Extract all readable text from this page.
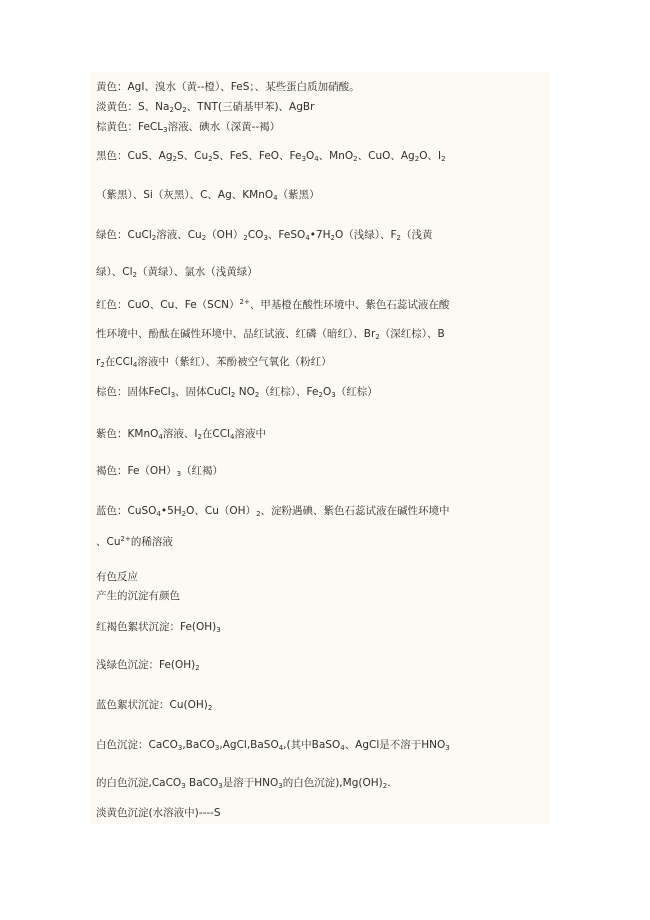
黄色：AgI、溴水（黄--橙）、FeS；、某些蛋白质加硝酸。
淡黄色：S、$Na_2O_2$、TNT(三硝基甲苯)、AgBr
棕黄色：FeCL$_3$溶液、碘水（深黄--褐）
黑色：CuS、$Ag_2S$、$Cu_2S$、FeS、FeO、$Fe_3O_4$、MnO$_2$、CuO、$Ag_2O$、$I_2$
（紫黑）、Si（灰黑）、C、Ag、KMnO$_4$（紫黑）
绿色：CuCl$_2$溶液、$Cu_2(OH)_2CO_3$、$FeSO_4•7H_2O$（浅绿）、$F_2$（浅黄
绿）、$Cl_2$（黄绿）、氯水（浅黄绿）
红色：CuO、Cu、Fe（SCN）$^{2+}$、甲基橙在酸性环境中、紫色石蕊试液在酸
性环境中、酚酞在碱性环境中、品红试液、红磷（暗红）、$Br_2$（深红棕）、B
$r_2$在CCl$_4$溶液中（紫红）、苯酚被空气氧化（粉红）
棕色：固体FeCl$_3$、固体CuCl$_2$ $NO_2$（红棕）、$Fe_2O_3$（红棕）
紫色：KMnO$_4$溶液、$I_2$在CCl$_4$溶液中
褐色：$Fe(OH)_3$（红褐）
蓝色：$CuSO_4•5H_2O$、$Cu(OH)_2$、淀粉遇碘、紫色石蕊试液在碱性环境中
、$Cu^{2+}$的稀溶液
有色反应
产生的沉淀有颜色
红褐色絮状沉淀：$Fe(OH)_3$
浅绿色沉淀：$Fe(OH)_2$
蓝色絮状沉淀：$Cu(OH)_2$
白色沉淀：CaCO$_3$,BaCO$_3$,AgCl,BaSO$_4$,(其中BaSO$_4$、AgCl是不溶于$HNO_3$
的白色沉淀,CaCO$_3$ BaCO$_3$是溶于$HNO_3$的白色沉淀)$,Mg(OH)_2$.
淡黄色沉淀(水溶液中)----S
